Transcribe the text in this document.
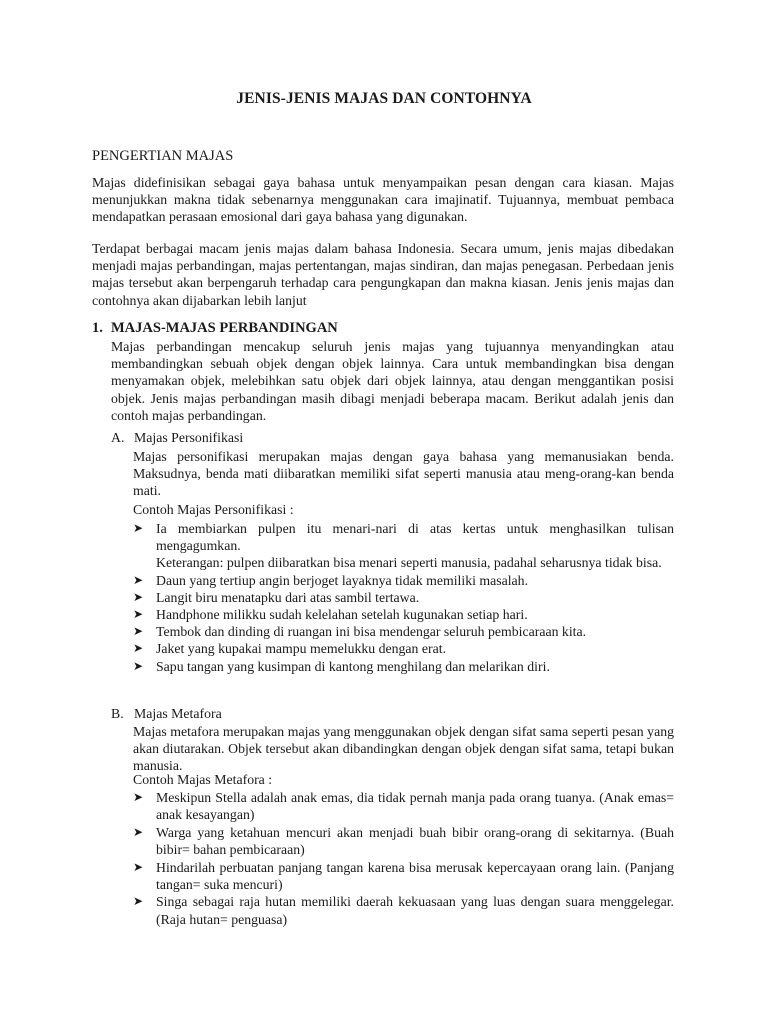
JENIS-JENIS MAJAS DAN CONTOHNYA
PENGERTIAN MAJAS
Majas didefinisikan sebagai gaya bahasa untuk menyampaikan pesan dengan cara kiasan. Majas menunjukkan makna tidak sebenarnya menggunakan cara imajinatif. Tujuannya, membuat pembaca mendapatkan perasaan emosional dari gaya bahasa yang digunakan.
Terdapat berbagai macam jenis majas dalam bahasa Indonesia. Secara umum, jenis majas dibedakan menjadi majas perbandingan, majas pertentangan, majas sindiran, dan majas penegasan. Perbedaan jenis majas tersebut akan berpengaruh terhadap cara pengungkapan dan makna kiasan. Jenis jenis majas dan contohnya akan dijabarkan lebih lanjut
1. MAJAS-MAJAS PERBANDINGAN
Majas perbandingan mencakup seluruh jenis majas yang tujuannya menyandingkan atau membandingkan sebuah objek dengan objek lainnya. Cara untuk membandingkan bisa dengan menyamakan objek, melebihkan satu objek dari objek lainnya, atau dengan menggantikan posisi objek. Jenis majas perbandingan masih dibagi menjadi beberapa macam. Berikut adalah jenis dan contoh majas perbandingan.
A. Majas Personifikasi
Majas personifikasi merupakan majas dengan gaya bahasa yang memanusiakan benda. Maksudnya, benda mati diibaratkan memiliki sifat seperti manusia atau meng-orang-kan benda mati.
Contoh Majas Personifikasi :
➤ Ia membiarkan pulpen itu menari-nari di atas kertas untuk menghasilkan tulisan mengagumkan.
Keterangan: pulpen diibaratkan bisa menari seperti manusia, padahal seharusnya tidak bisa.
➤ Daun yang tertiup angin berjoget layaknya tidak memiliki masalah.
➤ Langit biru menatapku dari atas sambil tertawa.
➤ Handphone milikku sudah kelelahan setelah kugunakan setiap hari.
➤ Tembok dan dinding di ruangan ini bisa mendengar seluruh pembicaraan kita.
➤ Jaket yang kupakai mampu memelukku dengan erat.
➤ Sapu tangan yang kusimpan di kantong menghilang dan melarikan diri.
B. Majas Metafora
Majas metafora merupakan majas yang menggunakan objek dengan sifat sama seperti pesan yang akan diutarakan. Objek tersebut akan dibandingkan dengan objek dengan sifat sama, tetapi bukan manusia.
Contoh Majas Metafora :
➤ Meskipun Stella adalah anak emas, dia tidak pernah manja pada orang tuanya. (Anak emas= anak kesayangan)
➤ Warga yang ketahuan mencuri akan menjadi buah bibir orang-orang di sekitarnya. (Buah bibir= bahan pembicaraan)
➤ Hindarilah perbuatan panjang tangan karena bisa merusak kepercayaan orang lain. (Panjang tangan= suka mencuri)
➤ Singa sebagai raja hutan memiliki daerah kekuasaan yang luas dengan suara menggelegar. (Raja hutan= penguasa)
